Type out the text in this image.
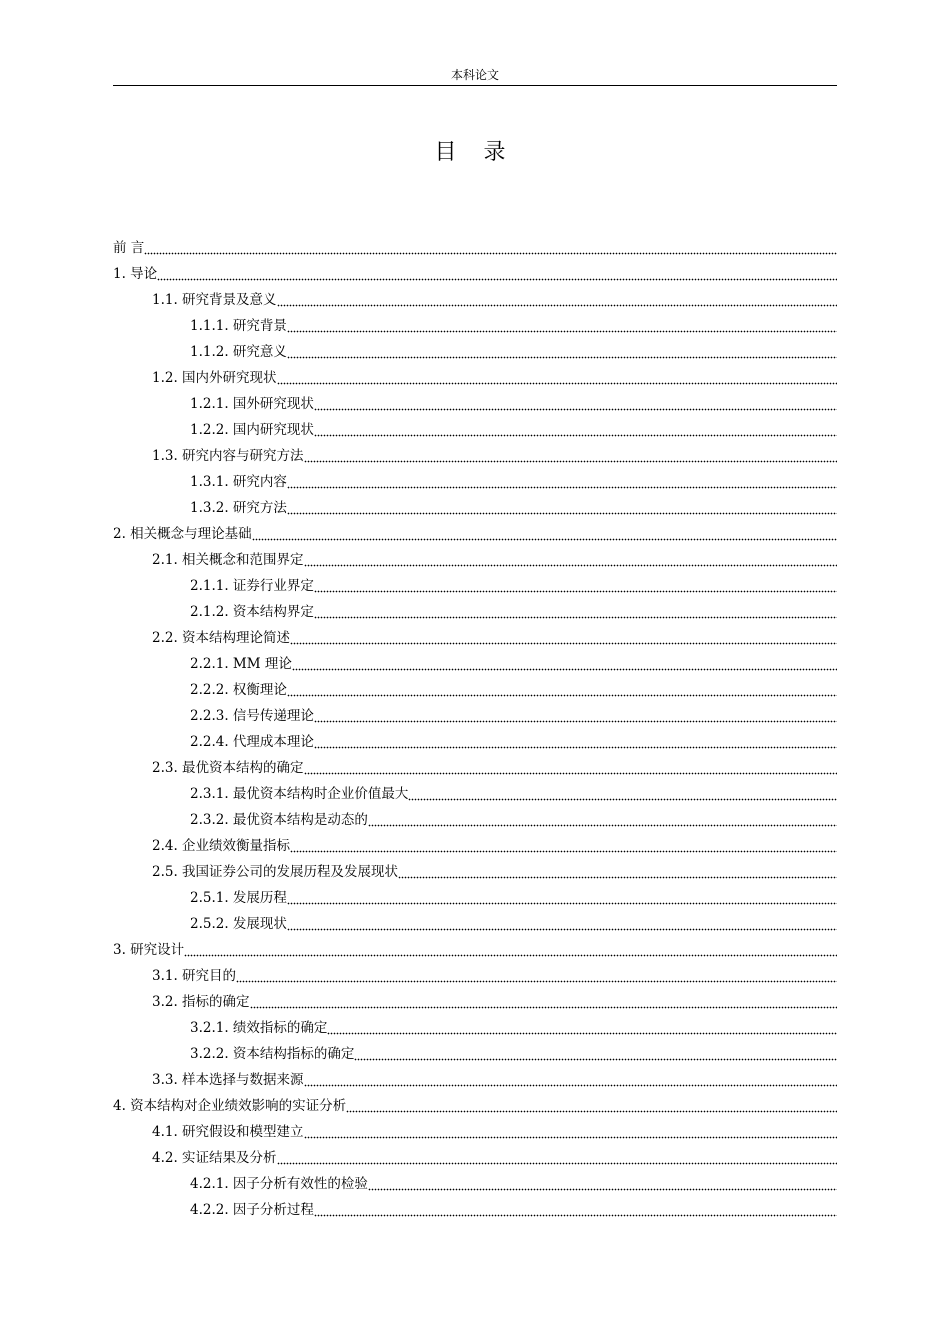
本科论文
目 录
前 言
1. 导论
1.1. 研究背景及意义
1.1.1. 研究背景
1.1.2. 研究意义
1.2. 国内外研究现状
1.2.1. 国外研究现状
1.2.2. 国内研究现状
1.3. 研究内容与研究方法
1.3.1. 研究内容
1.3.2. 研究方法
2. 相关概念与理论基础
2.1. 相关概念和范围界定
2.1.1. 证券行业界定
2.1.2. 资本结构界定
2.2. 资本结构理论简述
2.2.1. MM 理论
2.2.2. 权衡理论
2.2.3. 信号传递理论
2.2.4. 代理成本理论
2.3. 最优资本结构的确定
2.3.1. 最优资本结构时企业价值最大
2.3.2. 最优资本结构是动态的
2.4. 企业绩效衡量指标
2.5. 我国证券公司的发展历程及发展现状
2.5.1. 发展历程
2.5.2. 发展现状
3. 研究设计
3.1. 研究目的
3.2. 指标的确定
3.2.1. 绩效指标的确定
3.2.2. 资本结构指标的确定
3.3. 样本选择与数据来源
4. 资本结构对企业绩效影响的实证分析
4.1. 研究假设和模型建立
4.2. 实证结果及分析
4.2.1. 因子分析有效性的检验
4.2.2. 因子分析过程
